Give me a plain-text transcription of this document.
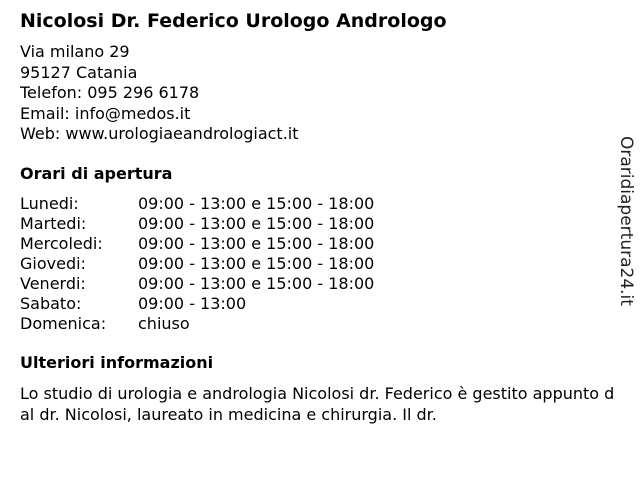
Nicolosi Dr. Federico Urologo Andrologo
Via milano 29
95127 Catania
Telefon: 095 296 6178
Email: info@medos.it
Web: www.urologiaeandrologiact.it
Orari di apertura
Lunedi:	09:00 - 13:00 e 15:00 - 18:00
Martedi:	09:00 - 13:00 e 15:00 - 18:00
Mercoledi: 09:00 - 13:00 e 15:00 - 18:00
Giovedi:	09:00 - 13:00 e 15:00 - 18:00
Venerdi:	09:00 - 13:00 e 15:00 - 18:00
Sabato:	09:00 - 13:00
Domenica: chiuso
Ulteriori informazioni
Lo studio di urologia e andrologia Nicolosi dr. Federico è gestito appunto dal dr. Nicolosi, laureato in medicina e chirurgia. Il dr.
Oraridiapertura24.it
